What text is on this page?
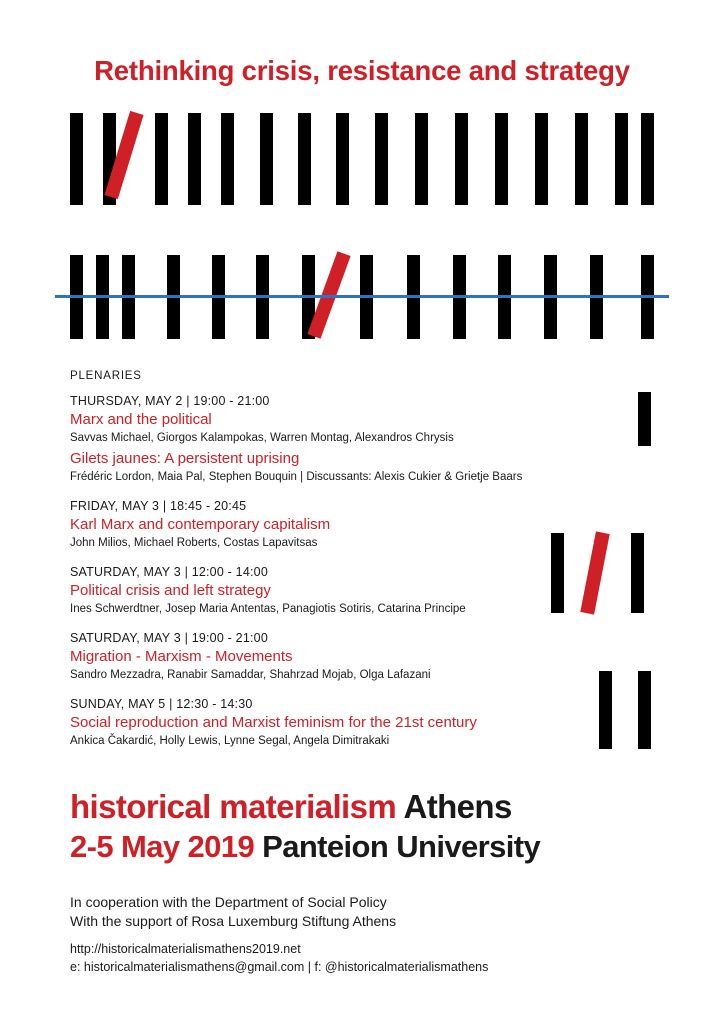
Rethinking crisis, resistance and strategy
PLENARIES
THURSDAY, MAY 2 | 19:00 - 21:00
Marx and the political
Savvas Michael, Giorgos Kalampokas, Warren Montag, Alexandros Chrysis
Gilets jaunes: A persistent uprising
Frédéric Lordon, Maia Pal, Stephen Bouquin | Discussants: Alexis Cukier & Grietje Baars
FRIDAY, MAY 3 | 18:45 - 20:45
Karl Marx and contemporary capitalism
John Milios, Michael Roberts, Costas Lapavitsas
SATURDAY, MAY 3 | 12:00 - 14:00
Political crisis and left strategy
Ines Schwerdtner, Josep Maria Antentas, Panagiotis Sotiris, Catarina Principe
SATURDAY, MAY 3 | 19:00 - 21:00
Migration - Marxism - Movements
Sandro Mezzadra, Ranabir Samaddar, Shahrzad Mojab, Olga Lafazani
SUNDAY, MAY 5 | 12:30 - 14:30
Social reproduction and Marxist feminism for the 21st century
Ankica Čakardić, Holly Lewis, Lynne Segal, Angela Dimitrakaki
historical materialism Athens
2-5 May 2019 Panteion University
In cooperation with the Department of Social Policy
With the support of Rosa Luxemburg Stiftung Athens
http://historicalmaterialismathens2019.net
e: historicalmaterialismathens@gmail.com | f: @historicalmaterialismathens
